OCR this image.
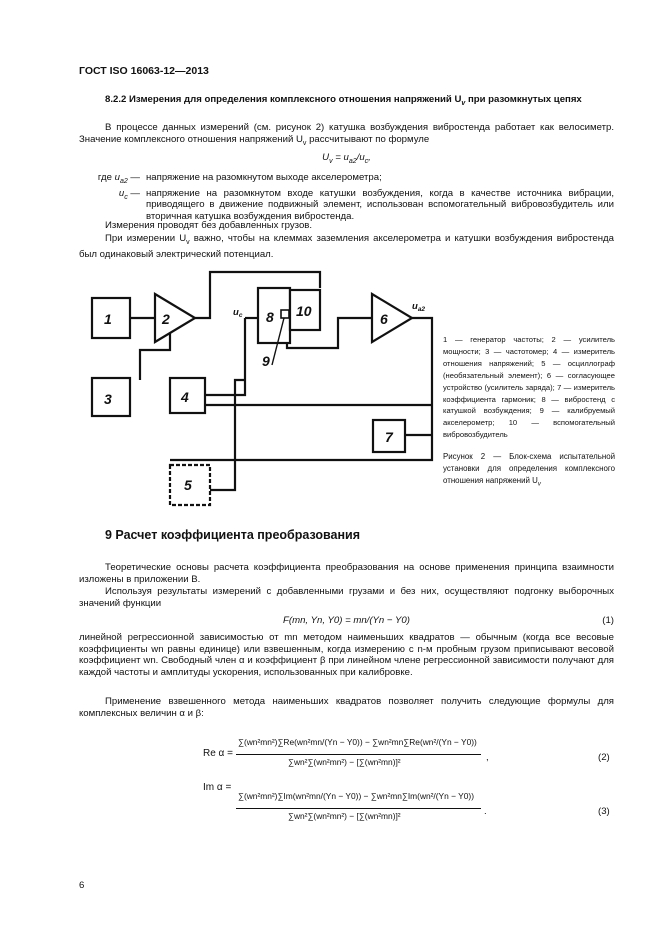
ГОСТ ISO 16063-12—2013
8.2.2 Измерения для определения комплексного отношения напряжений $U_v$ при разомкнутых цепях
В процессе данных измерений (см. рисунок 2) катушка возбуждения вибростенда работает как велосиметр. Значение комплексного отношения напряжений $U_v$ рассчитывают по формуле
$U_v = u_{a2}/u_c$,
где $u_{a2}$ — напряжение на разомкнутом выходе акселерометра;
$u_c$ — напряжение на разомкнутом входе катушки возбуждения, когда в качестве источника вибрации, приводящего в движение подвижный элемент, использован вспомогательный вибровозбудитель или вторичная катушка возбуждения вибростенда.
Измерения проводят без добавленных грузов.
При измерении $U_v$ важно, чтобы на клеммах заземления акселерометра и катушки возбуждения вибростенда был одинаковый электрический потенциал.
1	2
3	4
5
6
7
8
9
10
$u_c$
$u_{a2}$
1 — генератор частоты; 2 — усилитель мощности; 3 — частотомер; 4 — измеритель отношения напряжений; 5 — осциллограф (необязательный элемент); 6 — согласующее устройство (усилитель заряда); 7 — измеритель коэффициента гармоник; 8 — вибростенд с катушкой возбуждения; 9 — калибруемый акселерометр; 10 — вспомогательный вибровозбудитель
Рисунок 2 — Блок-схема испытательной установки для определения комплексного отношения напряжений $U_v$
9 Расчет коэффициента преобразования
Теоретические основы расчета коэффициента преобразования на основе применения принципа взаимности изложены в приложении В.
Используя результаты измерений с добавленными грузами и без них, осуществляют подгонку выборочных значений функции
F(mn, Yn, Y0) = mn/(Yn − Y0)	(1)
линейной регрессионной зависимостью от mn методом наименьших квадратов — обычным (когда все весовые коэффициенты wn равны единице) или взвешенным, когда измерению с n-м пробным грузом приписывают весовой коэффициент wn. Свободный член α и коэффициент β при линейном члене регрессионной зависимости получают для каждой частоты и амплитуды ускорения, использованных при калибровке.
Применение взвешенного метода наименьших квадратов позволяет получить следующие формулы для комплексных величин α и β:
Re α =
∑(wn²mn²)∑Re(wn²mn/(Yn − Y0)) − ∑wn²mn∑Re(wn²/(Yn − Y0))
∑wn²∑(wn²mn²) − [∑(wn²mn)]²	,	(2)
Im α =
∑(wn²mn²)∑Im(wn²mn/(Yn − Y0)) − ∑wn²mn∑Im(wn²/(Yn − Y0))
∑wn²∑(wn²mn²) − [∑(wn²mn)]²	.	(3)
6
